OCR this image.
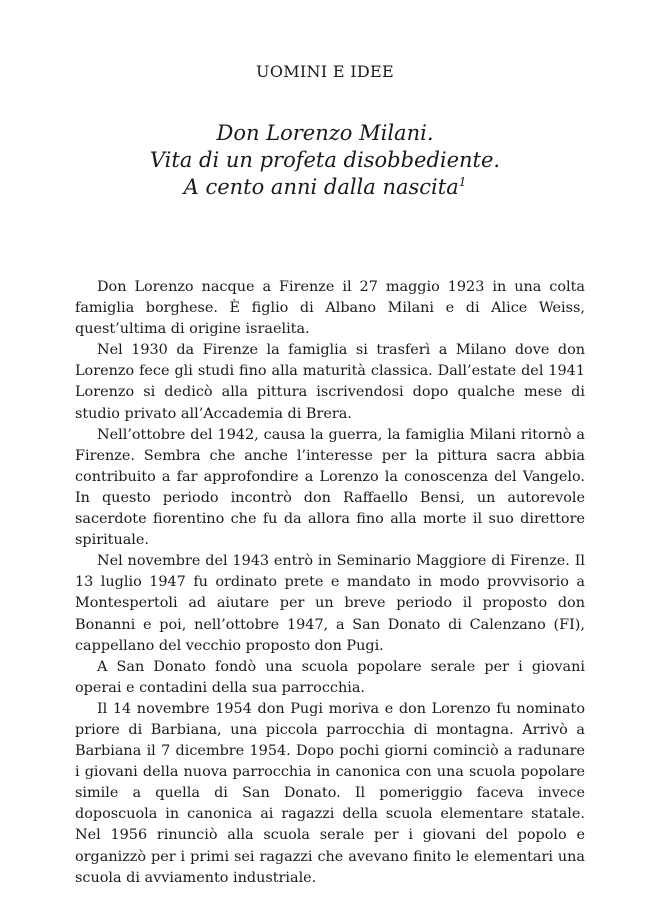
UOMINI E IDEE
Don Lorenzo Milani.
Vita di un profeta disobbediente.
A cento anni dalla nascita$^1$

Don Lorenzo nacque a Firenze il 27 maggio 1923 in una colta famiglia borghese. È figlio di Albano Milani e di Alice Weiss, quest’ultima di origine israelita.

Nel 1930 da Firenze la famiglia si trasferì a Milano dove don Lorenzo fece gli studi fino alla maturità classica. Dall’estate del 1941 Lorenzo si dedicò alla pittura iscrivendosi dopo qualche mese di studio privato all’Accademia di Brera.

Nell’ottobre del 1942, causa la guerra, la famiglia Milani ritornò a Firenze. Sembra che anche l’interesse per la pittura sacra abbia contribuito a far approfondire a Lorenzo la conoscenza del Vangelo. In questo periodo incontrò don Raffaello Bensi, un autorevole sacerdote fiorentino che fu da allora fino alla morte il suo direttore spirituale.

Nel novembre del 1943 entrò in Seminario Maggiore di Firenze. Il 13 luglio 1947 fu ordinato prete e mandato in modo provvisorio a Montespertoli ad aiutare per un breve periodo il proposto don Bonanni e poi, nell’ottobre 1947, a San Donato di Calenzano (FI), cappellano del vecchio proposto don Pugi.

A San Donato fondò una scuola popolare serale per i giovani operai e contadini della sua parrocchia.

Il 14 novembre 1954 don Pugi moriva e don Lorenzo fu nominato priore di Barbiana, una piccola parrocchia di montagna. Arrivò a Barbiana il 7 dicembre 1954. Dopo pochi giorni cominciò a radunare i giovani della nuova parrocchia in canonica con una scuola popolare simile a quella di San Donato. Il pomeriggio faceva invece doposcuola in canonica ai ragazzi della scuola elementare statale. Nel 1956 rinunciò alla scuola serale per i giovani del popolo e organizzò per i primi sei ragazzi che avevano finito le elementari una scuola di avviamento industriale.
